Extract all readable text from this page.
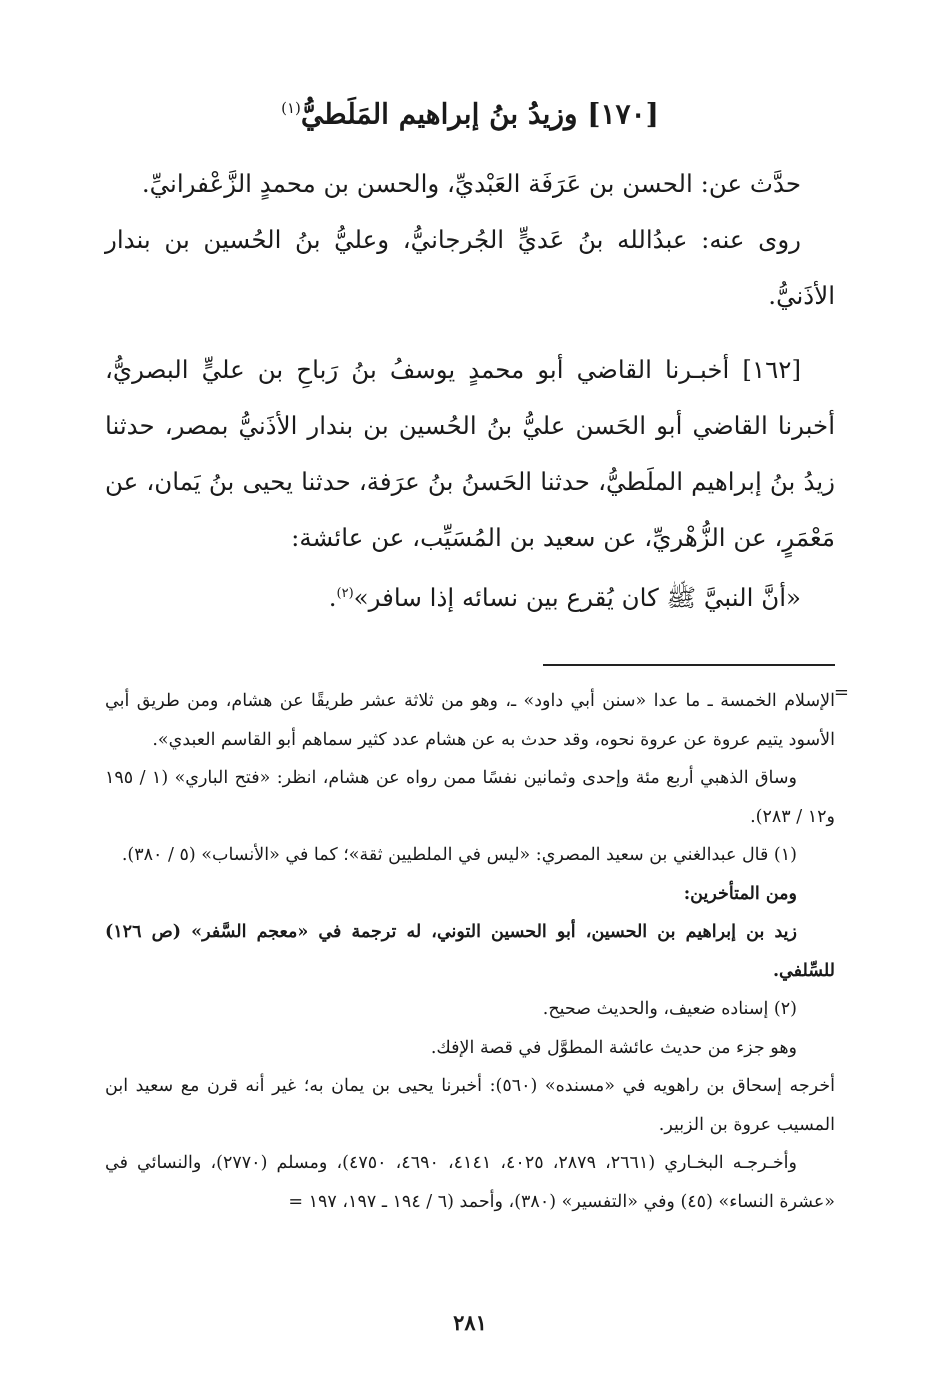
[١٧٠] وزيدُ بنُ إبراهيم المَلَطيُّ$^{(١)}$

حدَّث عن: الحسن بن عَرَفَة العَبْديِّ، والحسن بن محمدٍ الزَّعْفرانيِّ.

روى عنه: عبدُالله بنُ عَديٍّ الجُرجانيُّ، وعليُّ بنُ الحُسين بن بندار الأذَنيُّ.

[١٦٢] أخبـرنا القاضي أبو محمدٍ يوسفُ بنُ رَباحِ بن عليٍّ البصريُّ، أخبرنا القاضي أبو الحَسن عليُّ بنُ الحُسين بن بندار الأذَنيُّ بمصر، حدثنا زيدُ بنُ إبراهيم الملَطيُّ، حدثنا الحَسنُ بنُ عرَفة، حدثنا يحيى بنُ يَمان، عن مَعْمَرٍ، عن الزُّهْريِّ، عن سعيد بن المُسَيِّب، عن عائشة:

«أنَّ النبيَّ ﷺ كان يُقرع بين نسائه إذا سافر»$^{(٢)}$.

=

الإسلام الخمسة ـ ما عدا «سنن أبي داود» ـ، وهو من ثلاثة عشر طريقًا عن هشام، ومن طريق أبي الأسود يتيم عروة عن عروة نحوه، وقد حدث به عن هشام عدد كثير سماهم أبو القاسم العبدي».

وساق الذهبي أربع مئة وإحدى وثمانين نفسًا ممن رواه عن هشام، انظر: «فتح الباري» (١ / ١٩٥ و١٢ / ٢٨٣).

(١) قال عبدالغني بن سعيد المصري: «ليس في الملطيين ثقة»؛ كما في «الأنساب» (٥ / ٣٨٠).

ومن المتأخرين:

زيد بن إبراهيم بن الحسين، أبو الحسين التوني، له ترجمة في «معجم السَّفر» (ص ١٢٦) للسِّلفي.

(٢) إسناده ضعيف، والحديث صحيح.

وهو جزء من حديث عائشة المطوَّل في قصة الإفك.

أخرجه إسحاق بن راهويه في «مسنده» (٥٦٠): أخبرنا يحيى بن يمان به؛ غير أنه قرن مع سعيد ابن المسيب عروة بن الزبير.

وأخـرجـه البخـاري (٢٦٦١، ٢٨٧٩، ٤٠٢٥، ٤١٤١، ٤٦٩٠، ٤٧٥٠)، ومسلم (٢٧٧٠)، والنسائي في «عشرة النساء» (٤٥) وفي «التفسير» (٣٨٠)، وأحمد (٦ / ١٩٤ ـ ١٩٧، ١٩٧ =

٢٨١
